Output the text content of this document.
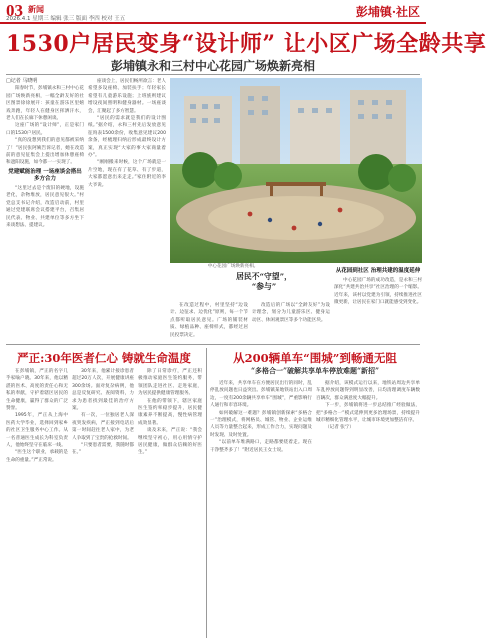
03 新闻
2026.4.1 星期三 编辑 张三 版面 李四 校对 王五	彭埔镇·社区
1530户居民变身“设计师” 让小区广场全龄共享
彭埔镇永和三村中心花园广场焕新亮相

□记者 马晓明

阳春时节，彭埔镇永和三村中心花园广场焕新亮相，一幅全龄友好的社区图景徐徐展开：孩童在游乐区里嬉戏奔跑，年轻人在健身区挥洒汗水，老人们在长廊下休憩闲谈。

这座广场的“设计师”，正是家门口的1530户居民。

“真的没想到我们的意见都被采纳了！”居民张阿姨告诉记者，她在改造前的意见征集会上提出增加休憩座椅和遮阳设施，如今都一一实现了。

党建赋能治理 一场座谈会搭出多方合力

“这里过去是个废旧的硬地，设施老化，杂物堆放，居民意见很大。”村党总支书记介绍，改造启动前，村里通过党建联席会议搭建平台，召集居民代表、物业、共建单位等多方坐下来谈想法、提建议。

座谈会上，居民们畅所欲言：老人希望多设座椅、加装扶手；年轻家长希望有儿童游乐设施；上班族则建议增设夜间照明和健身器材。一场座谈会，汇聚起了多方智慧。

“居民的需求就是我们的设计图纸。”据介绍，永和三村先后发放意见征询表1500余份，收集意见建议200余条，经梳理归纳后形成最终设计方案，真正实现“大家的事大家商量着办”。

“刚刚搬来时候，这个广场就是一片空地，现在有了花草、有了步道，大家都愿意出来走走。”家住附近的李大爷说。

中心花园广场焕新亮相。
居民不“守望”，
“参与”

在改造过程中，村里坚持“边设计、边征求、边优化”原则，每一个节点都听取居民意见。广场的铺装材质、绿植品种、座椅样式，都经过居民投票决定。

改造后的广场以“全龄友好”为设计理念，划分为儿童游乐区、健身运动区、休闲观景区等多个功能区块。

从花园到社区 治理共建的温度延伸

中心花园广场的成功改造，是永和三村深化“共建共治共享”社区治理的一个缩影。近年来，该村以党建为引领，持续推进社区微更新，让居民在家门口就能感受到变化。

严正:30年医者仁心 铸就生命温度

在彭埔镇，严正的名字几乎家喻户晓。30年来，他以精湛的医术、高度的责任心和无私的奉献，守护着辖区居民的生命健康，赢得了群众的广泛赞誉。

1995年，严正从上海中医药大学毕业，选择回到家乡的社区卫生服务中心工作。从一名普通医生成长为科室负责人，他始终坚守在临床一线。

“医生这个职业，承载的是生命的重量。”严正常说。

30年来，他累计接诊患者超过20万人次，开展健康讲座300余场。面对复杂病例，他总是反复研究、查阅资料，力求为患者找到最佳的治疗方案。

有一次，一位独居老人深夜突发疾病，严正接到电话后第一时间赶往老人家中，为老人争取到了宝贵的抢救时间。

“只要患者需要，我随时都在。”

除了日常诊疗，严正还积极推动家庭医生签约服务，带领团队走进社区、走进家庭，为居民提供健康管理服务。

在他的带领下，辖区家庭医生签约率稳步提升，居民健康素养不断提高，慢性病管理成效显著。

谈及未来，严正说：“我会继续坚守初心，用心用情守护居民健康，做群众信赖的好医生。”

从200辆单车“围城”到畅通无阻
“多格合一”破解共享单车停放难题“新招”

近年来，共享单车在方便居民出行的同时，乱停乱放问题也日益突出。彭埔镇某地铁站出入口周边，一度有200余辆共享单车“围城”，严重影响行人通行和市容环境。

如何破解这一难题？彭埔镇创新探索“多格合一”治理模式，将网格员、城管、物业、企业运维人员等力量整合起来，形成工作合力，实现问题及时发现、及时处置。

“以前单车堆满路口，走路都要绕着走。现在干净整齐多了！”附近居民王女士说。

据介绍，该模式运行以来，地铁站周边共享单车乱停放问题得到明显改善，日均清理调度车辆数百辆次，群众满意度大幅提升。

下一步，彭埔镇将进一步总结推广经验做法，把“多格合一”模式延伸到更多治理场景，持续提升城市精细化管理水平，让城市环境更加整洁有序。

（记者 张宁）
